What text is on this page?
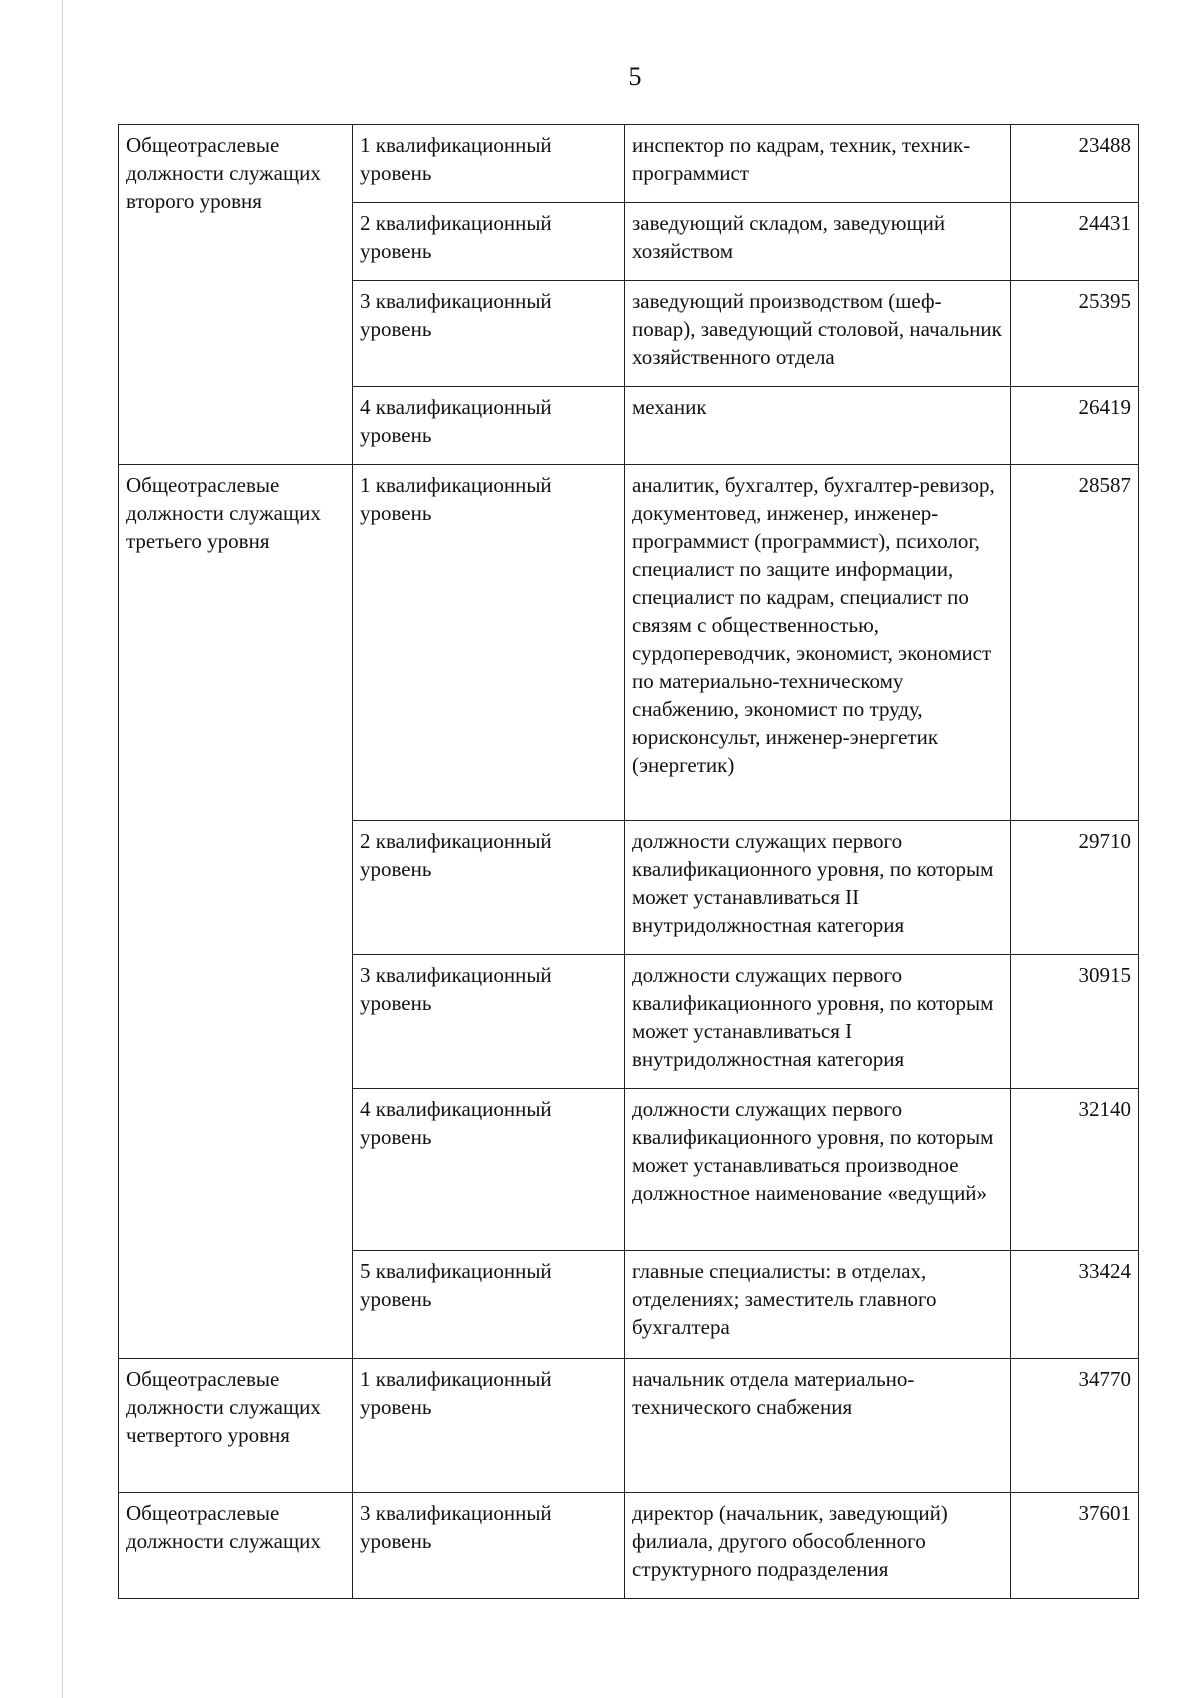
5
Общеотраслевые должности служащих второго уровня	1 квалификационный уровень	инспектор по кадрам, техник, техник-программист	23488
	2 квалификационный уровень	заведующий складом, заведующий хозяйством	24431
	3 квалификационный уровень	заведующий производством (шеф-повар), заведующий столовой, начальник хозяйственного отдела	25395
	4 квалификационный уровень	механик	26419
Общеотраслевые должности служащих третьего уровня	1 квалификационный уровень	аналитик, бухгалтер, бухгалтер-ревизор, документовед, инженер, инженер-программист (программист), психолог, специалист по защите информации, специалист по кадрам, специалист по связям с общественностью, сурдопереводчик, экономист, экономист по материально-техническому снабжению, экономист по труду, юрисконсульт, инженер-энергетик (энергетик)	28587
	2 квалификационный уровень	должности служащих первого квалификационного уровня, по которым может устанавливаться II внутридолжностная категория	29710
	3 квалификационный уровень	должности служащих первого квалификационного уровня, по которым может устанавливаться I внутридолжностная категория	30915
	4 квалификационный уровень	должности служащих первого квалификационного уровня, по которым может устанавливаться производное должностное наименование «ведущий»	32140
	5 квалификационный уровень	главные специалисты: в отделах, отделениях; заместитель главного бухгалтера	33424
Общеотраслевые должности служащих четвертого уровня	1 квалификационный уровень	начальник отдела материально-технического снабжения	34770
Общеотраслевые должности служащих	3 квалификационный уровень	директор (начальник, заведующий) филиала, другого обособленного структурного подразделения	37601
